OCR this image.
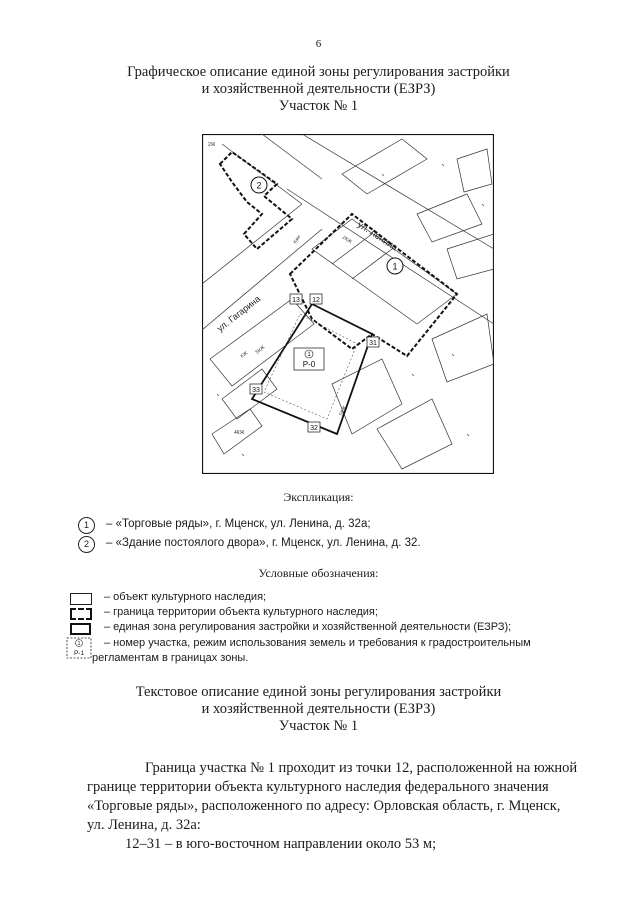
6
Графическое описание единой зоны регулирования застройки
и хозяйственной деятельности (ЕЗРЗ)
Участок № 1
ул. Ленина
ул. Гагарина
1
2
12
13
31
32
33
1
Р-0
2Ж
2КЖ
5КЖ
4КЖ
КЖ
Кжн
5КЖ
Экспликация:
1	– «Торговые ряды», г. Мценск, ул. Ленина, д. 32а;
2	– «Здание постоялого двора», г. Мценск, ул. Ленина, д. 32.
Условные обозначения:
– объект культурного наследия;
– граница территории объекта культурного наследия;
– единая зона регулирования застройки и хозяйственной деятельности (ЕЗРЗ);
1
Р-1
– номер участка, режим использования земель и требования к градостроительным
регламентам в границах зоны.
Текстовое описание единой зоны регулирования застройки
и хозяйственной деятельности (ЕЗРЗ)
Участок № 1
Граница участка № 1 проходит из точки 12, расположенной на южной
границе территории объекта культурного наследия федерального значения
«Торговые ряды», расположенного по адресу: Орловская область, г. Мценск,
ул. Ленина, д. 32а:
12–31 – в юго-восточном направлении около 53 м;
